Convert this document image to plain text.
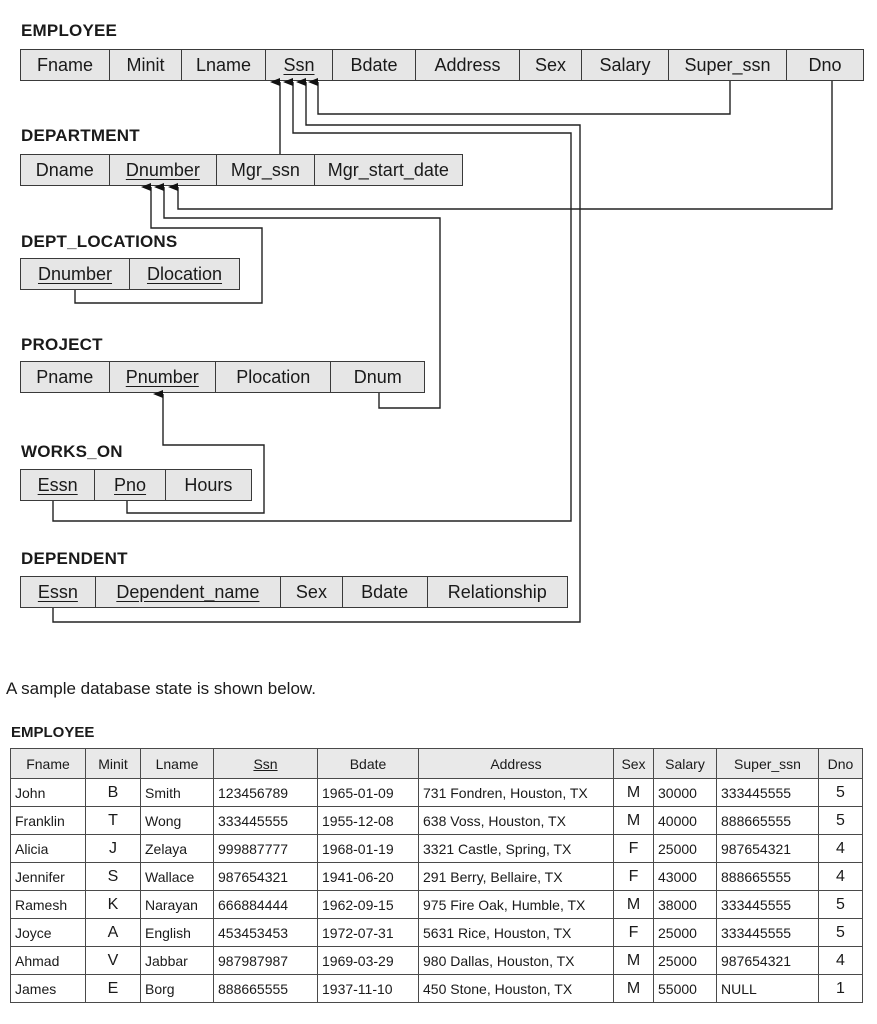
EMPLOYEE
Fname Minit Lname Ssn Bdate Address Sex Salary Super_ssn Dno
DEPARTMENT
Dname Dnumber Mgr_ssn Mgr_start_date
DEPT_LOCATIONS
Dnumber Dlocation
PROJECT
Pname Pnumber Plocation Dnum
WORKS_ON
Essn Pno Hours
DEPENDENT
Essn Dependent_name Sex Bdate Relationship
A sample database state is shown below.
EMPLOYEE
Fname	Minit	Lname	Ssn	Bdate	Address	Sex	Salary	Super_ssn	Dno
John	B	Smith	123456789	1965-01-09	731 Fondren, Houston, TX	M	30000	333445555	5
Franklin	T	Wong	333445555	1955-12-08	638 Voss, Houston, TX	M	40000	888665555	5
Alicia	J	Zelaya	999887777	1968-01-19	3321 Castle, Spring, TX	F	25000	987654321	4
Jennifer	S	Wallace	987654321	1941-06-20	291 Berry, Bellaire, TX	F	43000	888665555	4
Ramesh	K	Narayan	666884444	1962-09-15	975 Fire Oak, Humble, TX	M	38000	333445555	5
Joyce	A	English	453453453	1972-07-31	5631 Rice, Houston, TX	F	25000	333445555	5
Ahmad	V	Jabbar	987987987	1969-03-29	980 Dallas, Houston, TX	M	25000	987654321	4
James	E	Borg	888665555	1937-11-10	450 Stone, Houston, TX	M	55000	NULL	1
